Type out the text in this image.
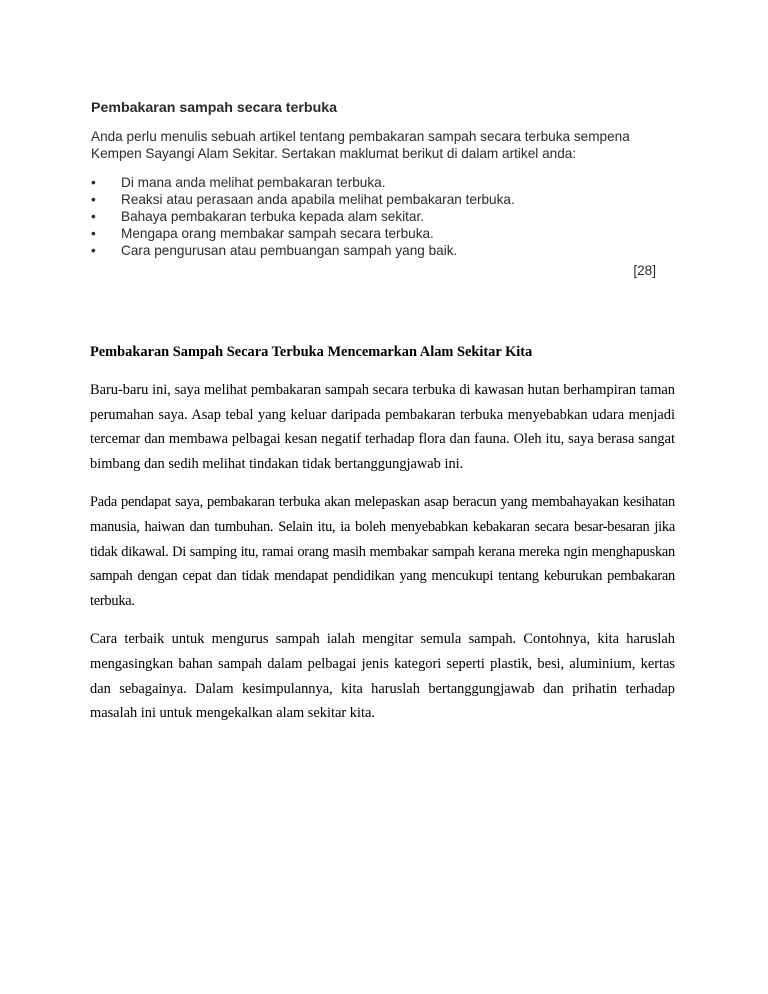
Pembakaran sampah secara terbuka
Anda perlu menulis sebuah artikel tentang pembakaran sampah secara terbuka sempena Kempen Sayangi Alam Sekitar. Sertakan maklumat berikut di dalam artikel anda:
• Di mana anda melihat pembakaran terbuka.
• Reaksi atau perasaan anda apabila melihat pembakaran terbuka.
• Bahaya pembakaran terbuka kepada alam sekitar.
• Mengapa orang membakar sampah secara terbuka.
• Cara pengurusan atau pembuangan sampah yang baik.
[28]
Pembakaran Sampah Secara Terbuka Mencemarkan Alam Sekitar Kita

Baru-baru ini, saya melihat pembakaran sampah secara terbuka di kawasan hutan berhampiran taman perumahan saya. Asap tebal yang keluar daripada pembakaran terbuka menyebabkan udara menjadi tercemar dan membawa pelbagai kesan negatif terhadap flora dan fauna. Oleh itu, saya berasa sangat bimbang dan sedih melihat tindakan tidak bertanggungjawab ini.

Pada pendapat saya, pembakaran terbuka akan melepaskan asap beracun yang membahayakan kesihatan manusia, haiwan dan tumbuhan. Selain itu, ia boleh menyebabkan kebakaran secara besar-besaran jika tidak dikawal. Di samping itu, ramai orang masih membakar sampah kerana mereka ngin menghapuskan sampah dengan cepat dan tidak mendapat pendidikan yang mencukupi tentang keburukan pembakaran terbuka.

Cara terbaik untuk mengurus sampah ialah mengitar semula sampah. Contohnya, kita haruslah mengasingkan bahan sampah dalam pelbagai jenis kategori seperti plastik, besi, aluminium, kertas dan sebagainya. Dalam kesimpulannya, kita haruslah bertanggungjawab dan prihatin terhadap masalah ini untuk mengekalkan alam sekitar kita.
